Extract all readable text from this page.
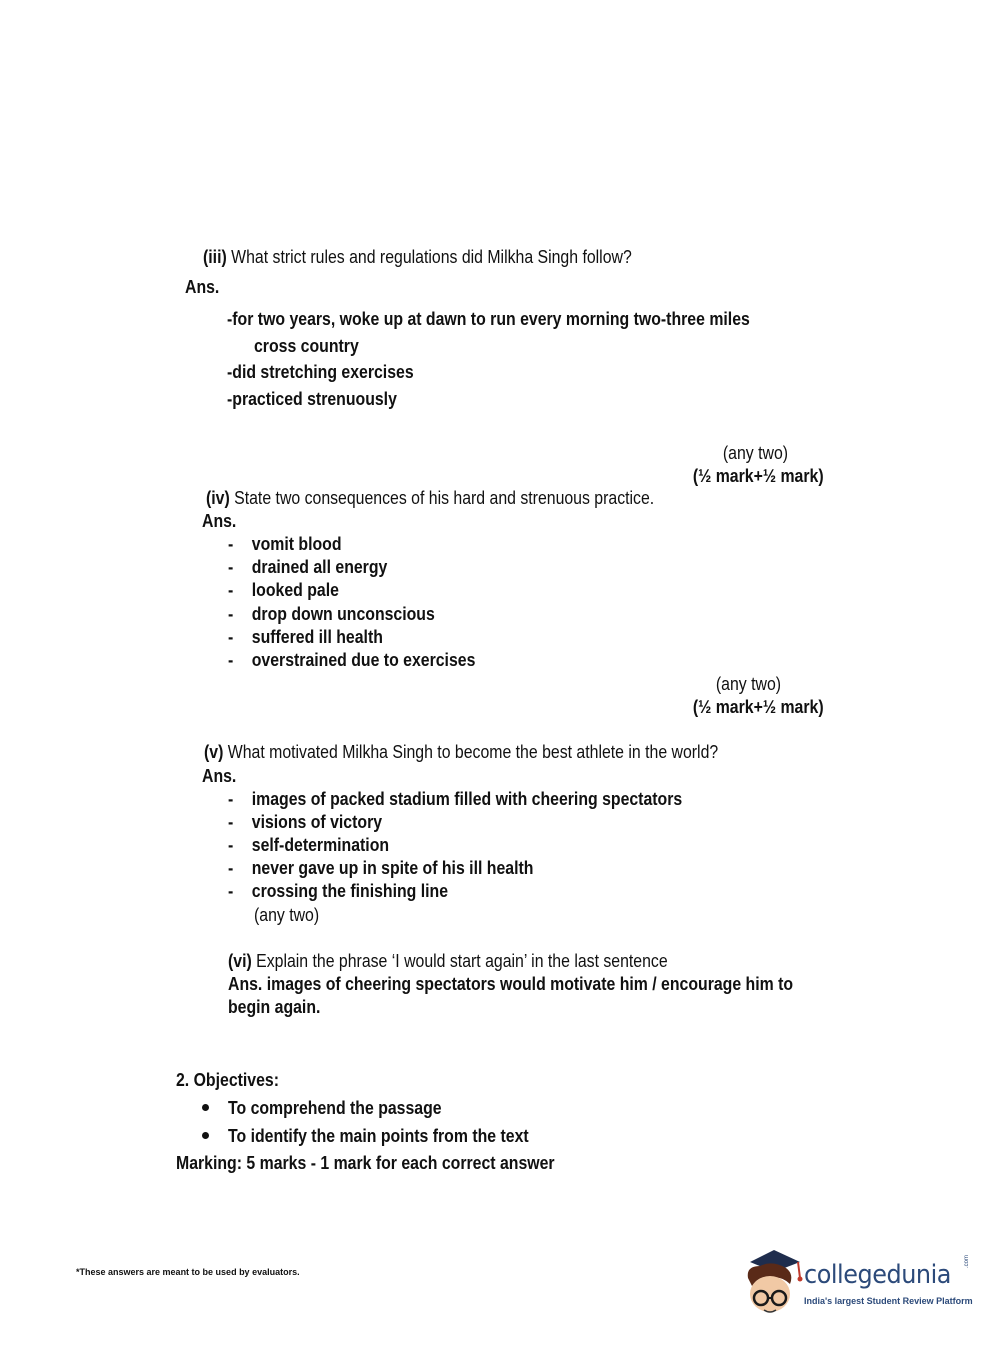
(iii) What strict rules and regulations did Milkha Singh follow?
Ans.
-for two years, woke up at dawn to run every morning two-three miles
cross country
-did stretching exercises
-practiced strenuously
(any two)
(½ mark+½ mark)
(iv) State two consequences of his hard and strenuous practice.
Ans.
- vomit blood
- drained all energy
- looked pale
- drop down unconscious
- suffered ill health
- overstrained due to exercises
(any two)
(½ mark+½ mark)
(v) What motivated Milkha Singh to become the best athlete in the world?
Ans.
- images of packed stadium filled with cheering spectators
- visions of victory
- self-determination
- never gave up in spite of his ill health
- crossing the finishing line
(any two)
(vi) Explain the phrase ‘I would start again’ in the last sentence
Ans. images of cheering spectators would motivate him / encourage him to
begin again.
2. Objectives:
To comprehend the passage
To identify the main points from the text
Marking: 5 marks - 1 mark for each correct answer
*These answers are meant to be used by evaluators.	collegedunia .com
India's largest Student Review Platform
